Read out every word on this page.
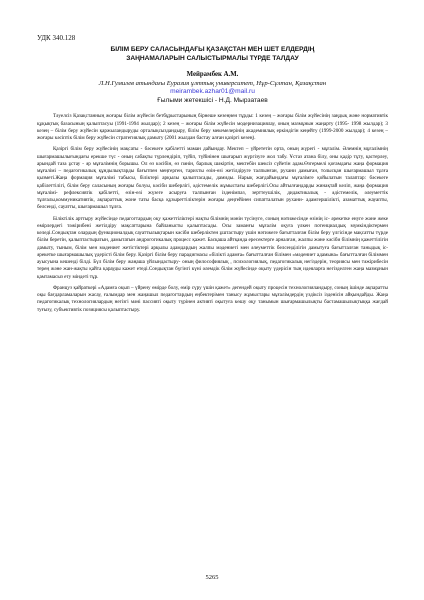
УДК 340.128
БІЛІМ БЕРУ САЛАСЫНДАҒЫ ҚАЗАҚСТАН МЕН ШЕТ ЕЛДЕРДІҢ
ЗАҢНАМАЛАРЫН САЛЫСТЫРМАЛЫ ТҮРДЕ ТАЛДАУ
Мейрамбек А.М.
Л.Н.Гумилев атындағы Еуразия ұлттық университет, Нұр-Сұлтан, Қазақстан
meirambek.azhar01@mail.ru
Ғылыми жетекшісі - Н.Д. Мырзатаев

Тәуелсіз Қазақстанның жоғары білім жүйесін бетбұрыстарының бірнеше кезеңнен тұрды: 1 кезең – жоғары білім жүйесінің заңдық және нормативтік құқықтық базасының қалыптасуы (1991-1994 жылдар); 2 кезең – жоғары білім жүйесін модернизациялау, оның мазмұнын жаңарту (1995- 1998 жылдар); 3 кезең – білім беру жүйесін қаржыландыруды орталықсыздандыру, білім беру мекемелерінің академиялық еркіндігін кеңейту (1999-2000 жылдар); 4 кезең – жоғары кәсіптік білім беру жүйесін стратегиялық дамыту (2001 жылдан бастау алған қазіргі кезең).

Қазіргі білім беру жүйесінің мақсаты - бәсекеге қабілетті маман дайындау. Мектеп – үйрететін орта, оның жүрегі - мұғалім. Әлемнің мұғалімнің шығармашылығындағы ерекше түс - оның сабақты түрлендіріп, түйіп, түйінінен шығарып жүргізуге жол табу. Ұстаз атана білу, оны қадір тұту, қастерлеу, арындай таза ұстау - әр мұғалімнің борышы. Ол өз кәсібін, өз пәнін, барлық шәкіртін, мектебін шексіз сүйетін адам.Өзгермелі қоғамдағы жаңа формация мұғалімі – педагогикалық құндылықтарды бағытпен меңгерген, тарихты өзін-өзі жетілдіруге талпынған, рухани дамыған, толысқан шығармашыл тұлға қызметі.Жаңа формация мұғалімі табысы, біліктері арқылы қалыптасады, дамиды. Нарық жағдайындағы мұғалімге қойылатын талаптар: бәсекеге қабілеттілігі, білім беру саласының жоғары болуы, кәсіби шеберлігі, әдістемелік жұмыстағы шеберлігі.Осы айтылғандарды жинақтай келіп, жаңа формация мұғалімі- рефлексивтік қабілетті, өзін-өзі жүзеге асыруға талпынған ізденімпаз, зерттеушілік, дидактикалық - әдістемелік, әлеуметтік тұлғалы,коммуникативтік, ақпараттық жоне таты басқа құзыреттіліктерін жоғары деңгейінен сипатталатын рухани- адамгершілікті, азаматтық жауапты, белсенді, сауатты, шығармашыл тұлға.

Біліктілік арттыру жүйесінде педагогтардың оқу қажеттіліктері нақты білімнің мәнін түсінуге, соның нәтижесінде өзінің іс- әрекетке енуге және жеке өмірлердегі тәжірибені жетілдіру мақсаттарына байланысты қалыптасады. Осы заманғы мұғалім оқуға үлкен потенциалдық мүмкіндіктермен келеді.Сондықтан олардың функционалдық сауаттылықтарын кәсіби шеберліктен ұштастыру үшін нәтижеге бағытталған білім беру үлгісінде мақсатты түрде білім беретін, қалыптастыратын, дамытатын андрогогикалық процесс қажет. Басқаша айтқанда ересектерге арналған, жалпы және кәсіби білімнің қажеттілігін дамыту, тыным, білім мен мәдениет жетістіктері арқылы адамдардың жалпы мәдениеті мен әлеуметтік белсенділігін дамытуға бағытталған таныдық іс-әрекетке шығармашылық үдерісті білім беру. Қазіргі білім беру парадигмасы «білікті адамға» бағытталған білімен «мәдениет адамына» бағытталған біліммен ауысуына кешенді білді. Бүл білім беру жаңаша үйлындастыру- оның философиялық , психологиялық, педагогикалық негіздерін, теориясы мен тәжірибесін терең және жан-жақты қайта қарауды кажет етеді.Сондықтан бүгінгі күні әлемдік білім жүйесінде оқыту үдерісін тың идеяларға негізделген жаңа мазмұнын қамтамасыз ету міндеті тұр.

Француз қайраткері «Адамға оқып – үйрену өмірде болу, өмір сүру үшін қажет» дегендей оқыту процесін технологияландыру, соның ішінде ақпаратты оқы бағдарламаларын жасау, ғалымдар мен жаңашыл педагогтардың еңбектерімен танысу жұмыстары мұғалімдердің үздіксіз ізденісін айқындайды. Жаңа педагогикалық технологиялардың негізгі мәні пассивті оқыту түрінен активті оқытуға көшу оқу танымын шығармашылықты бастамашылықтыққа жағдай туғызу, субъективтік позициясы қалыптастыру.

5265
